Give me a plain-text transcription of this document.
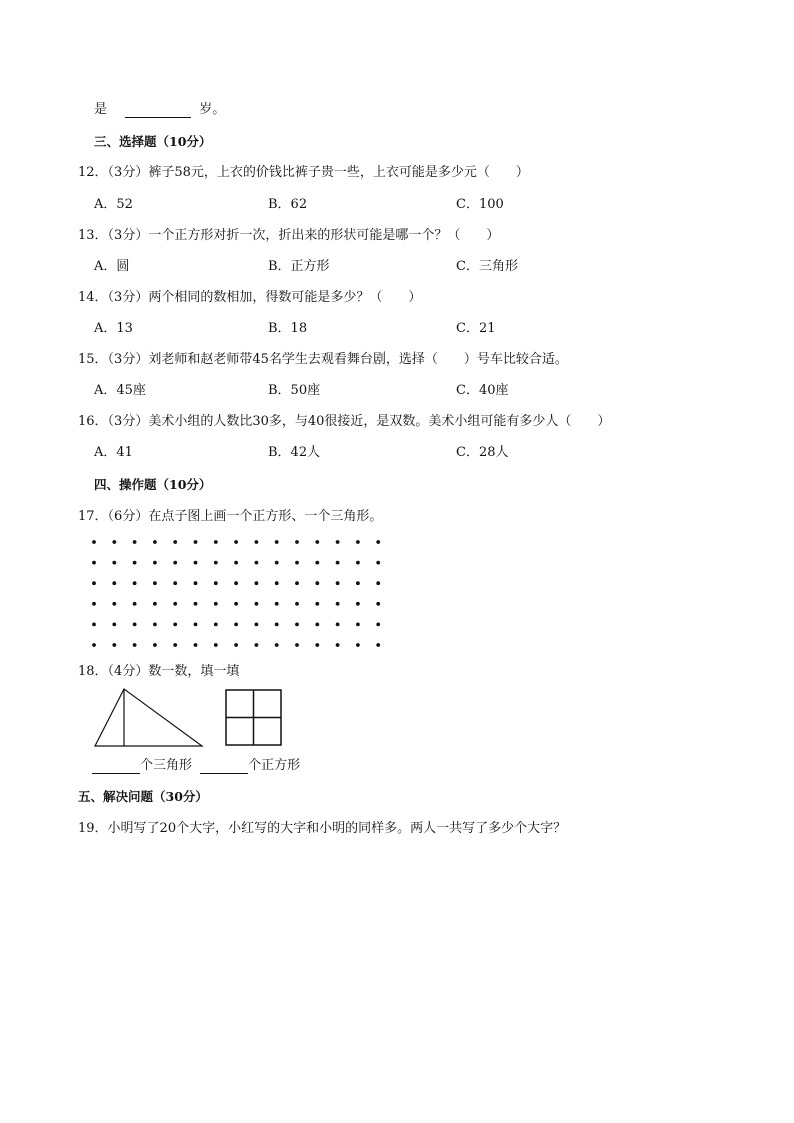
是	岁。
三、选择题（10分）
12．（3分）裤子58元，上衣的价钱比裤子贵一些，上衣可能是多少元（　　）
A．52	B．62	C．100
13．（3分）一个正方形对折一次，折出来的形状可能是哪一个？（　　）
A．圆	B．正方形	C．三角形
14．（3分）两个相同的数相加，得数可能是多少？（　　）
A．13	B．18	C．21
15．（3分）刘老师和赵老师带45名学生去观看舞台剧，选择（　　）号车比较合适。
A．45座	B．50座	C．40座
16．（3分）美术小组的人数比30多，与40很接近，是双数。美术小组可能有多少人（　　）
A．41	B．42人	C．28人
四、操作题（10分）
17．（6分）在点子图上画一个正方形、一个三角形。
18．（4分）数一数，填一填
个三角形	个正方形
五、解决问题（30分）
19．小明写了20个大字，小红写的大字和小明的同样多。两人一共写了多少个大字？
